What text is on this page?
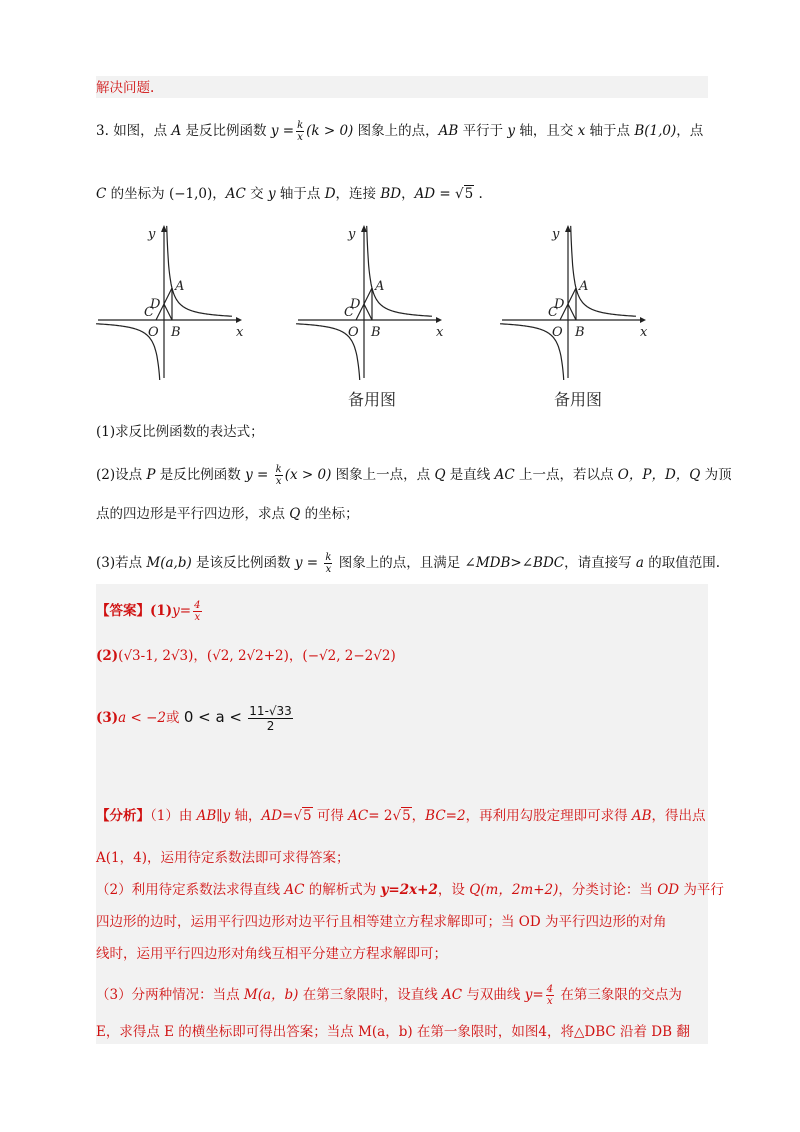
解决问题.
3. 如图，点 A 是反比例函数 $y = \frac{k}{x} (k > 0)$ 图象上的点，AB 平行于 y 轴，且交 x 轴于点 B(1,0)，点
C 的坐标为 (−1,0)，AC 交 y 轴于点 D，连接 BD，AD = √5 .
y
x
A
D
C
O B
y
x
A
D
C
O B
y
x
A
D
C
O B
备用图	备用图
(1)求反比例函数的表达式；
(2)设点 P 是反比例函数 $y = \frac{k}{x} (x > 0)$ 图象上一点，点 Q 是直线 AC 上一点，若以点 O，P，D，Q 为顶
点的四边形是平行四边形，求点 Q 的坐标；
(3)若点 M(a,b) 是该反比例函数 $y = \frac{k}{x}$ 图象上的点，且满足 ∠MDB>∠BDC，请直接写 a 的取值范围.
【答案】$(1)y= \frac{4}{x}$
(2)(√3-1, 2√3)，(√2, 2√2+2)，(−√2, 2−2√2)
(3)a < −2或 $0 < a < \frac{11-√33}{2}$
【分析】（1）由 AB∥y 轴，AD=√5 可得 AC= 2√5，BC=2，再利用勾股定理即可求得 AB，得出点
A(1，4)，运用待定系数法即可求得答案；
（2）利用待定系数法求得直线 AC 的解析式为 y=2x+2，设 Q(m，2m+2)，分类讨论：当 OD 为平行
四边形的边时，运用平行四边形对边平行且相等建立方程求解即可；当 OD 为平行四边形的对角
线时，运用平行四边形对角线互相平分建立方程求解即可；
（3）分两种情况：当点 M(a，b) 在第三象限时，设直线 AC 与双曲线 $y= \frac{4}{x}$ 在第三象限的交点为
E，求得点 E 的横坐标即可得出答案；当点 M(a，b) 在第一象限时，如图4，将△DBC 沿着 DB 翻
